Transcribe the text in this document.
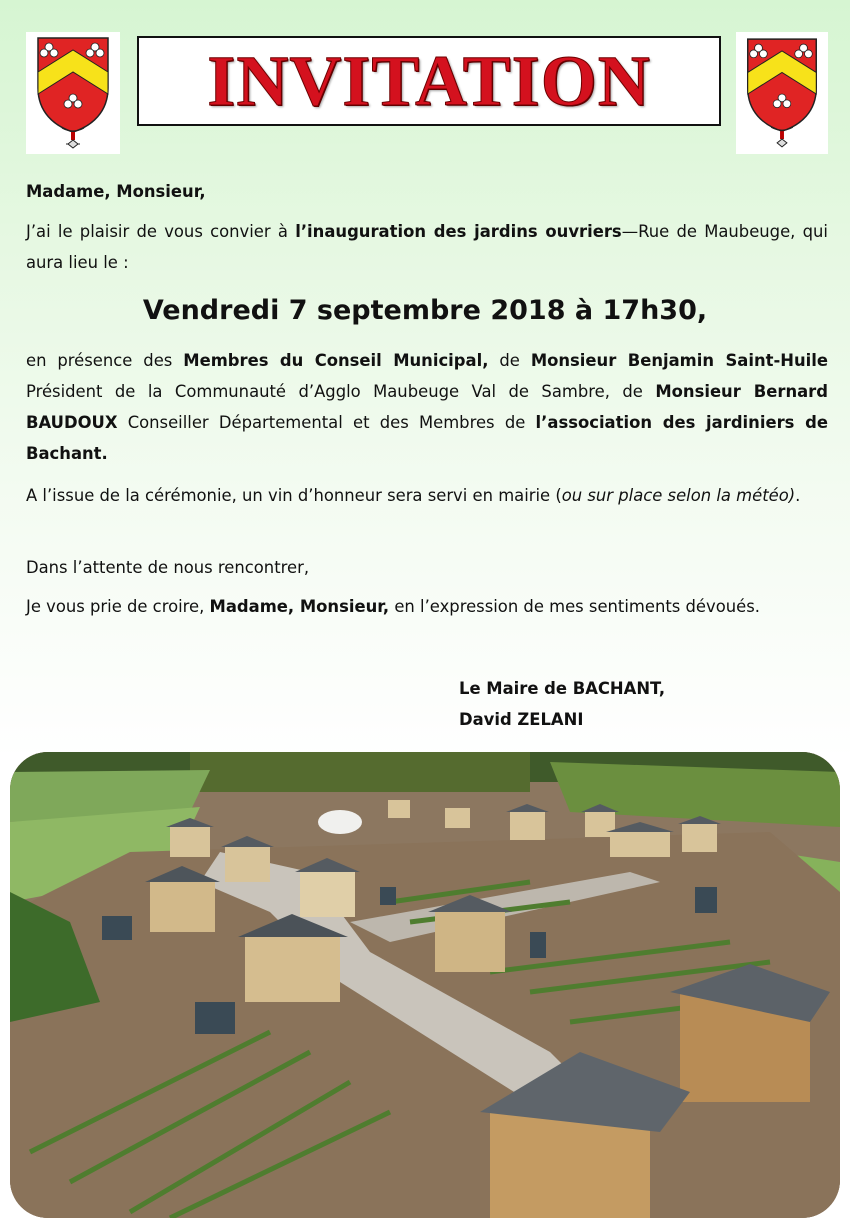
INVITATION
Madame, Monsieur,
J’ai le plaisir de vous convier à l’inauguration des jardins ouvriers—Rue de Maubeuge, qui aura lieu le :
Vendredi 7 septembre 2018 à 17h30,
en présence des Membres du Conseil Municipal, de Monsieur Benjamin Saint-Huile Président de la Communauté d’Agglo Maubeuge Val de Sambre, de Monsieur Bernard BAUDOUX Conseiller Départemental et des Membres de l’association des jardiniers de Bachant.
A l’issue de la cérémonie, un vin d’honneur sera servi en mairie (ou sur place selon la météo).
Dans l’attente de nous rencontrer,
Je vous prie de croire, Madame, Monsieur, en l’expression de mes sentiments dévoués.
Le Maire de BACHANT,
David ZELANI
